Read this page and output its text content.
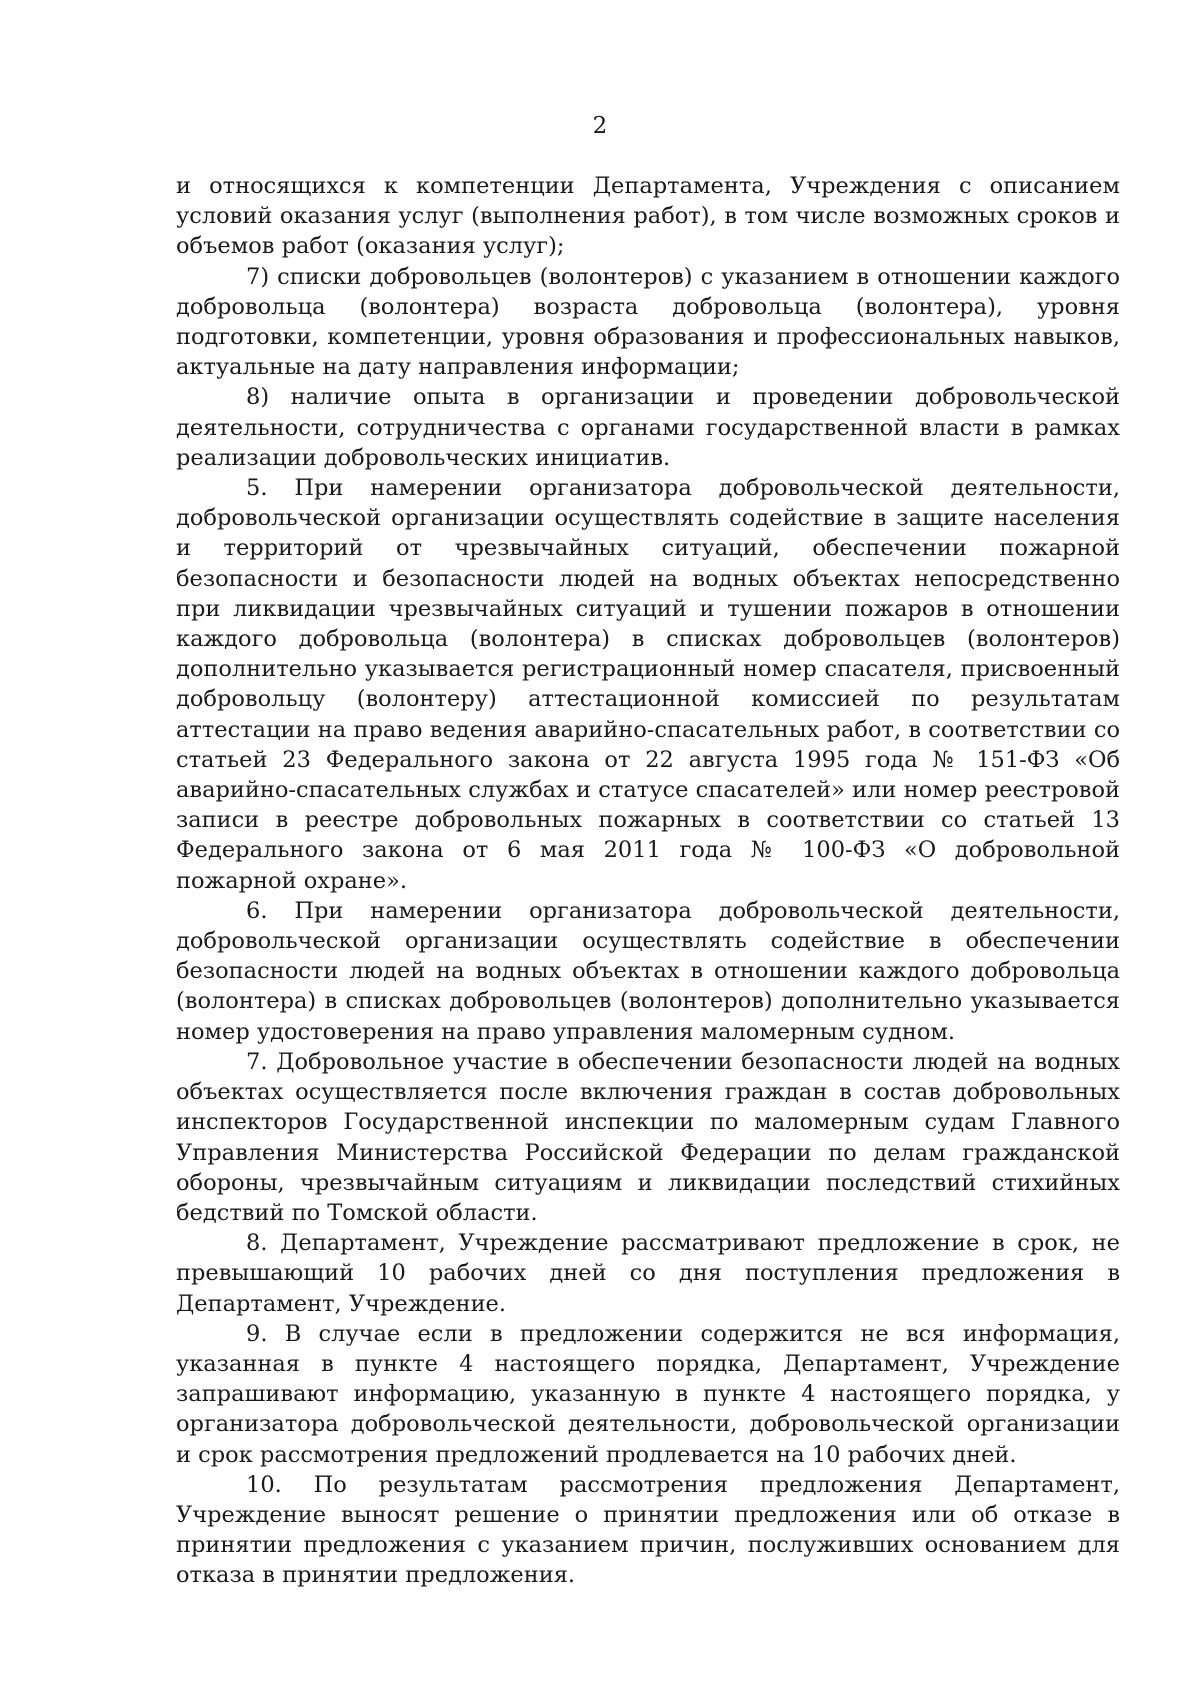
2

и относящихся к компетенции Департамента, Учреждения с описанием условий оказания услуг (выполнения работ), в том числе возможных сроков и объемов работ (оказания услуг);

7) списки добровольцев (волонтеров) с указанием в отношении каждого добровольца (волонтера) возраста добровольца (волонтера), уровня подготовки, компетенции, уровня образования и профессиональных навыков, актуальные на дату направления информации;

8) наличие опыта в организации и проведении добровольческой деятельности, сотрудничества с органами государственной власти в рамках реализации добровольческих инициатив.

5. При намерении организатора добровольческой деятельности, добровольческой организации осуществлять содействие в защите населения и территорий от чрезвычайных ситуаций, обеспечении пожарной безопасности и безопасности людей на водных объектах непосредственно при ликвидации чрезвычайных ситуаций и тушении пожаров в отношении каждого добровольца (волонтера) в списках добровольцев (волонтеров) дополнительно указывается регистрационный номер спасателя, присвоенный добровольцу (волонтеру) аттестационной комиссией по результатам аттестации на право ведения аварийно-спасательных работ, в соответствии со статьей 23 Федерального закона от 22 августа 1995 года № 151-ФЗ «Об аварийно-спасательных службах и статусе спасателей» или номер реестровой записи в реестре добровольных пожарных в соответствии со статьей 13 Федерального закона от 6 мая 2011 года № 100-ФЗ «О добровольной пожарной охране».

6. При намерении организатора добровольческой деятельности, добровольческой организации осуществлять содействие в обеспечении безопасности людей на водных объектах в отношении каждого добровольца (волонтера) в списках добровольцев (волонтеров) дополнительно указывается номер удостоверения на право управления маломерным судном.

7. Добровольное участие в обеспечении безопасности людей на водных объектах осуществляется после включения граждан в состав добровольных инспекторов Государственной инспекции по маломерным судам Главного Управления Министерства Российской Федерации по делам гражданской обороны, чрезвычайным ситуациям и ликвидации последствий стихийных бедствий по Томской области.

8. Департамент, Учреждение рассматривают предложение в срок, не превышающий 10 рабочих дней со дня поступления предложения в Департамент, Учреждение.

9. В случае если в предложении содержится не вся информация, указанная в пункте 4 настоящего порядка, Департамент, Учреждение запрашивают информацию, указанную в пункте 4 настоящего порядка, у организатора добровольческой деятельности, добровольческой организации и срок рассмотрения предложений продлевается на 10 рабочих дней.

10. По результатам рассмотрения предложения Департамент, Учреждение выносят решение о принятии предложения или об отказе в принятии предложения с указанием причин, послуживших основанием для отказа в принятии предложения.
